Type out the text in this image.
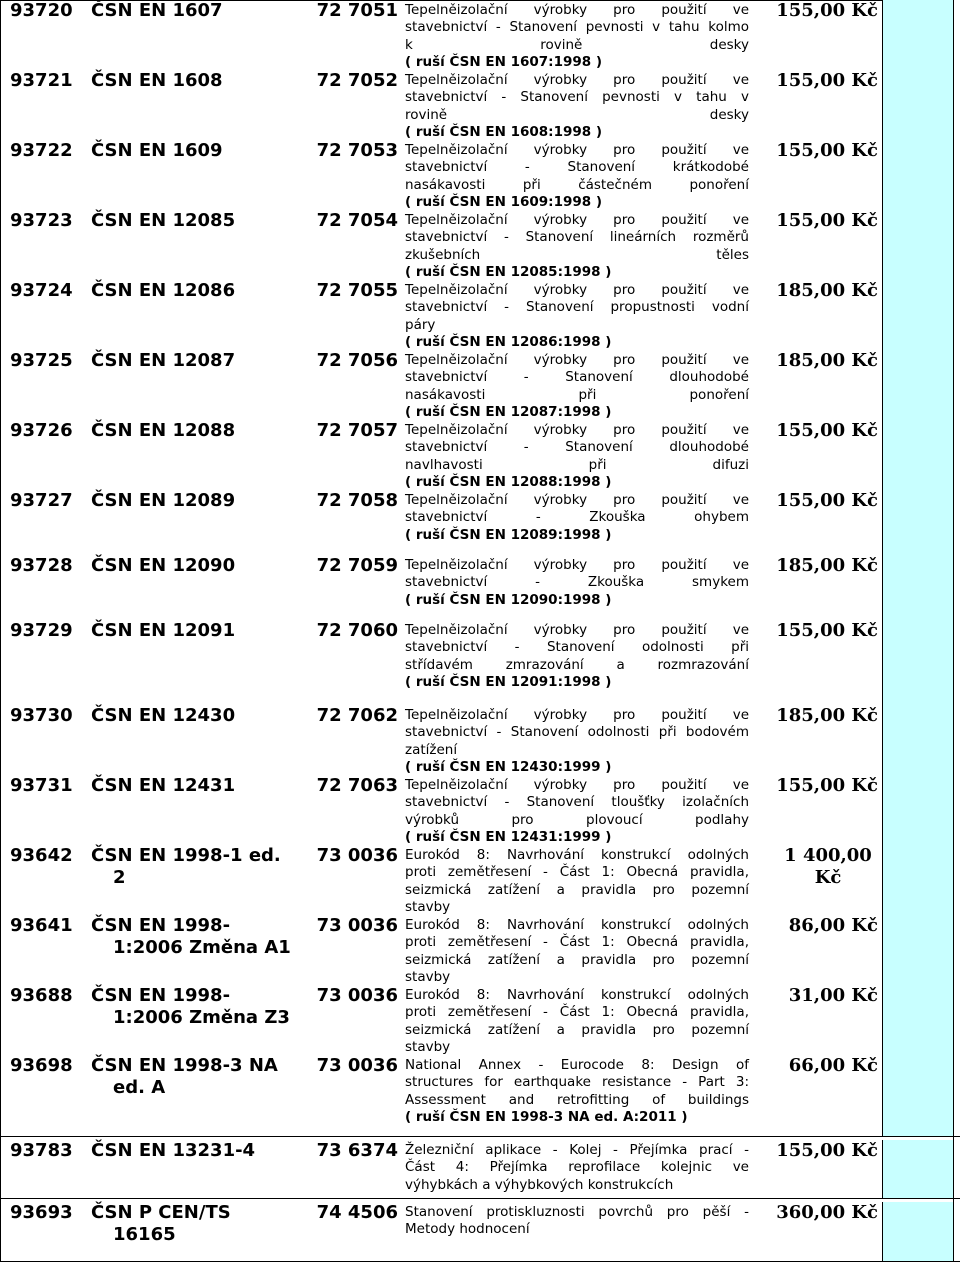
93720	ČSN EN 1607	72 7051 Tepelněizolační výrobky pro použití ve
stavebnictví - Stanovení pevnosti v tahu kolmo
k rovině desky
( ruší ČSN EN 1607:1998 )
155,00 Kč
93721	ČSN EN 1608	72 7052 Tepelněizolační výrobky pro použití ve
stavebnictví - Stanovení pevnosti v tahu v
rovině desky
( ruší ČSN EN 1608:1998 )
155,00 Kč
93722	ČSN EN 1609	72 7053 Tepelněizolační výrobky pro použití ve
stavebnictví - Stanovení krátkodobé
nasákavosti při částečném ponoření
( ruší ČSN EN 1609:1998 )
155,00 Kč
93723	ČSN EN 12085	72 7054 Tepelněizolační výrobky pro použití ve
stavebnictví - Stanovení lineárních rozměrů
zkušebních těles
( ruší ČSN EN 12085:1998 )
155,00 Kč
93724	ČSN EN 12086	72 7055 Tepelněizolační výrobky pro použití ve
stavebnictví - Stanovení propustnosti vodní
páry
( ruší ČSN EN 12086:1998 )
185,00 Kč
93725	ČSN EN 12087	72 7056 Tepelněizolační výrobky pro použití ve
stavebnictví - Stanovení dlouhodobé
nasákavosti při ponoření
( ruší ČSN EN 12087:1998 )
185,00 Kč
93726	ČSN EN 12088	72 7057 Tepelněizolační výrobky pro použití ve
stavebnictví - Stanovení dlouhodobé
navlhavosti při difuzi
( ruší ČSN EN 12088:1998 )
155,00 Kč
93727	ČSN EN 12089	72 7058 Tepelněizolační výrobky pro použití ve
stavebnictví - Zkouška ohybem
( ruší ČSN EN 12089:1998 )
155,00 Kč
93728	ČSN EN 12090	72 7059 Tepelněizolační výrobky pro použití ve
stavebnictví - Zkouška smykem
( ruší ČSN EN 12090:1998 )
185,00 Kč
93729	ČSN EN 12091	72 7060 Tepelněizolační výrobky pro použití ve
stavebnictví - Stanovení odolnosti při
střídavém zmrazování a rozmrazování
( ruší ČSN EN 12091:1998 )
155,00 Kč
93730	ČSN EN 12430	72 7062 Tepelněizolační výrobky pro použití ve
stavebnictví - Stanovení odolnosti při bodovém
zatížení
( ruší ČSN EN 12430:1999 )
185,00 Kč
93731	ČSN EN 12431	72 7063 Tepelněizolační výrobky pro použití ve
stavebnictví - Stanovení tloušťky izolačních
výrobků pro plovoucí podlahy
( ruší ČSN EN 12431:1999 )
155,00 Kč
93642	ČSN EN 1998-1 ed. 2
73 0036 Eurokód 8: Navrhování konstrukcí odolných
proti zemětřesení - Část 1: Obecná pravidla,
seizmická zatížení a pravidla pro pozemní
stavby
1 400,00 Kč
93641	ČSN EN 1998-1:2006 Změna A1
73 0036 Eurokód 8: Navrhování konstrukcí odolných
proti zemětřesení - Část 1: Obecná pravidla,
seizmická zatížení a pravidla pro pozemní
stavby
86,00 Kč
93688	ČSN EN 1998-1:2006 Změna Z3
73 0036 Eurokód 8: Navrhování konstrukcí odolných
proti zemětřesení - Část 1: Obecná pravidla,
seizmická zatížení a pravidla pro pozemní
stavby
31,00 Kč
93698	ČSN EN 1998-3 NA ed. A
73 0036 National Annex - Eurocode 8: Design of
structures for earthquake resistance - Part 3:
Assessment and retrofitting of buildings
( ruší ČSN EN 1998-3 NA ed. A:2011 )
66,00 Kč
93783	ČSN EN 13231-4	73 6374 Železniční aplikace - Kolej - Přejímka prací -
Část 4: Přejímka reprofilace kolejnic ve
výhybkách a výhybkových konstrukcích
155,00 Kč
93693	ČSN P CEN/TS 16165
74 4506 Stanovení protiskluznosti povrchů pro pěší -
Metody hodnocení
360,00 Kč
